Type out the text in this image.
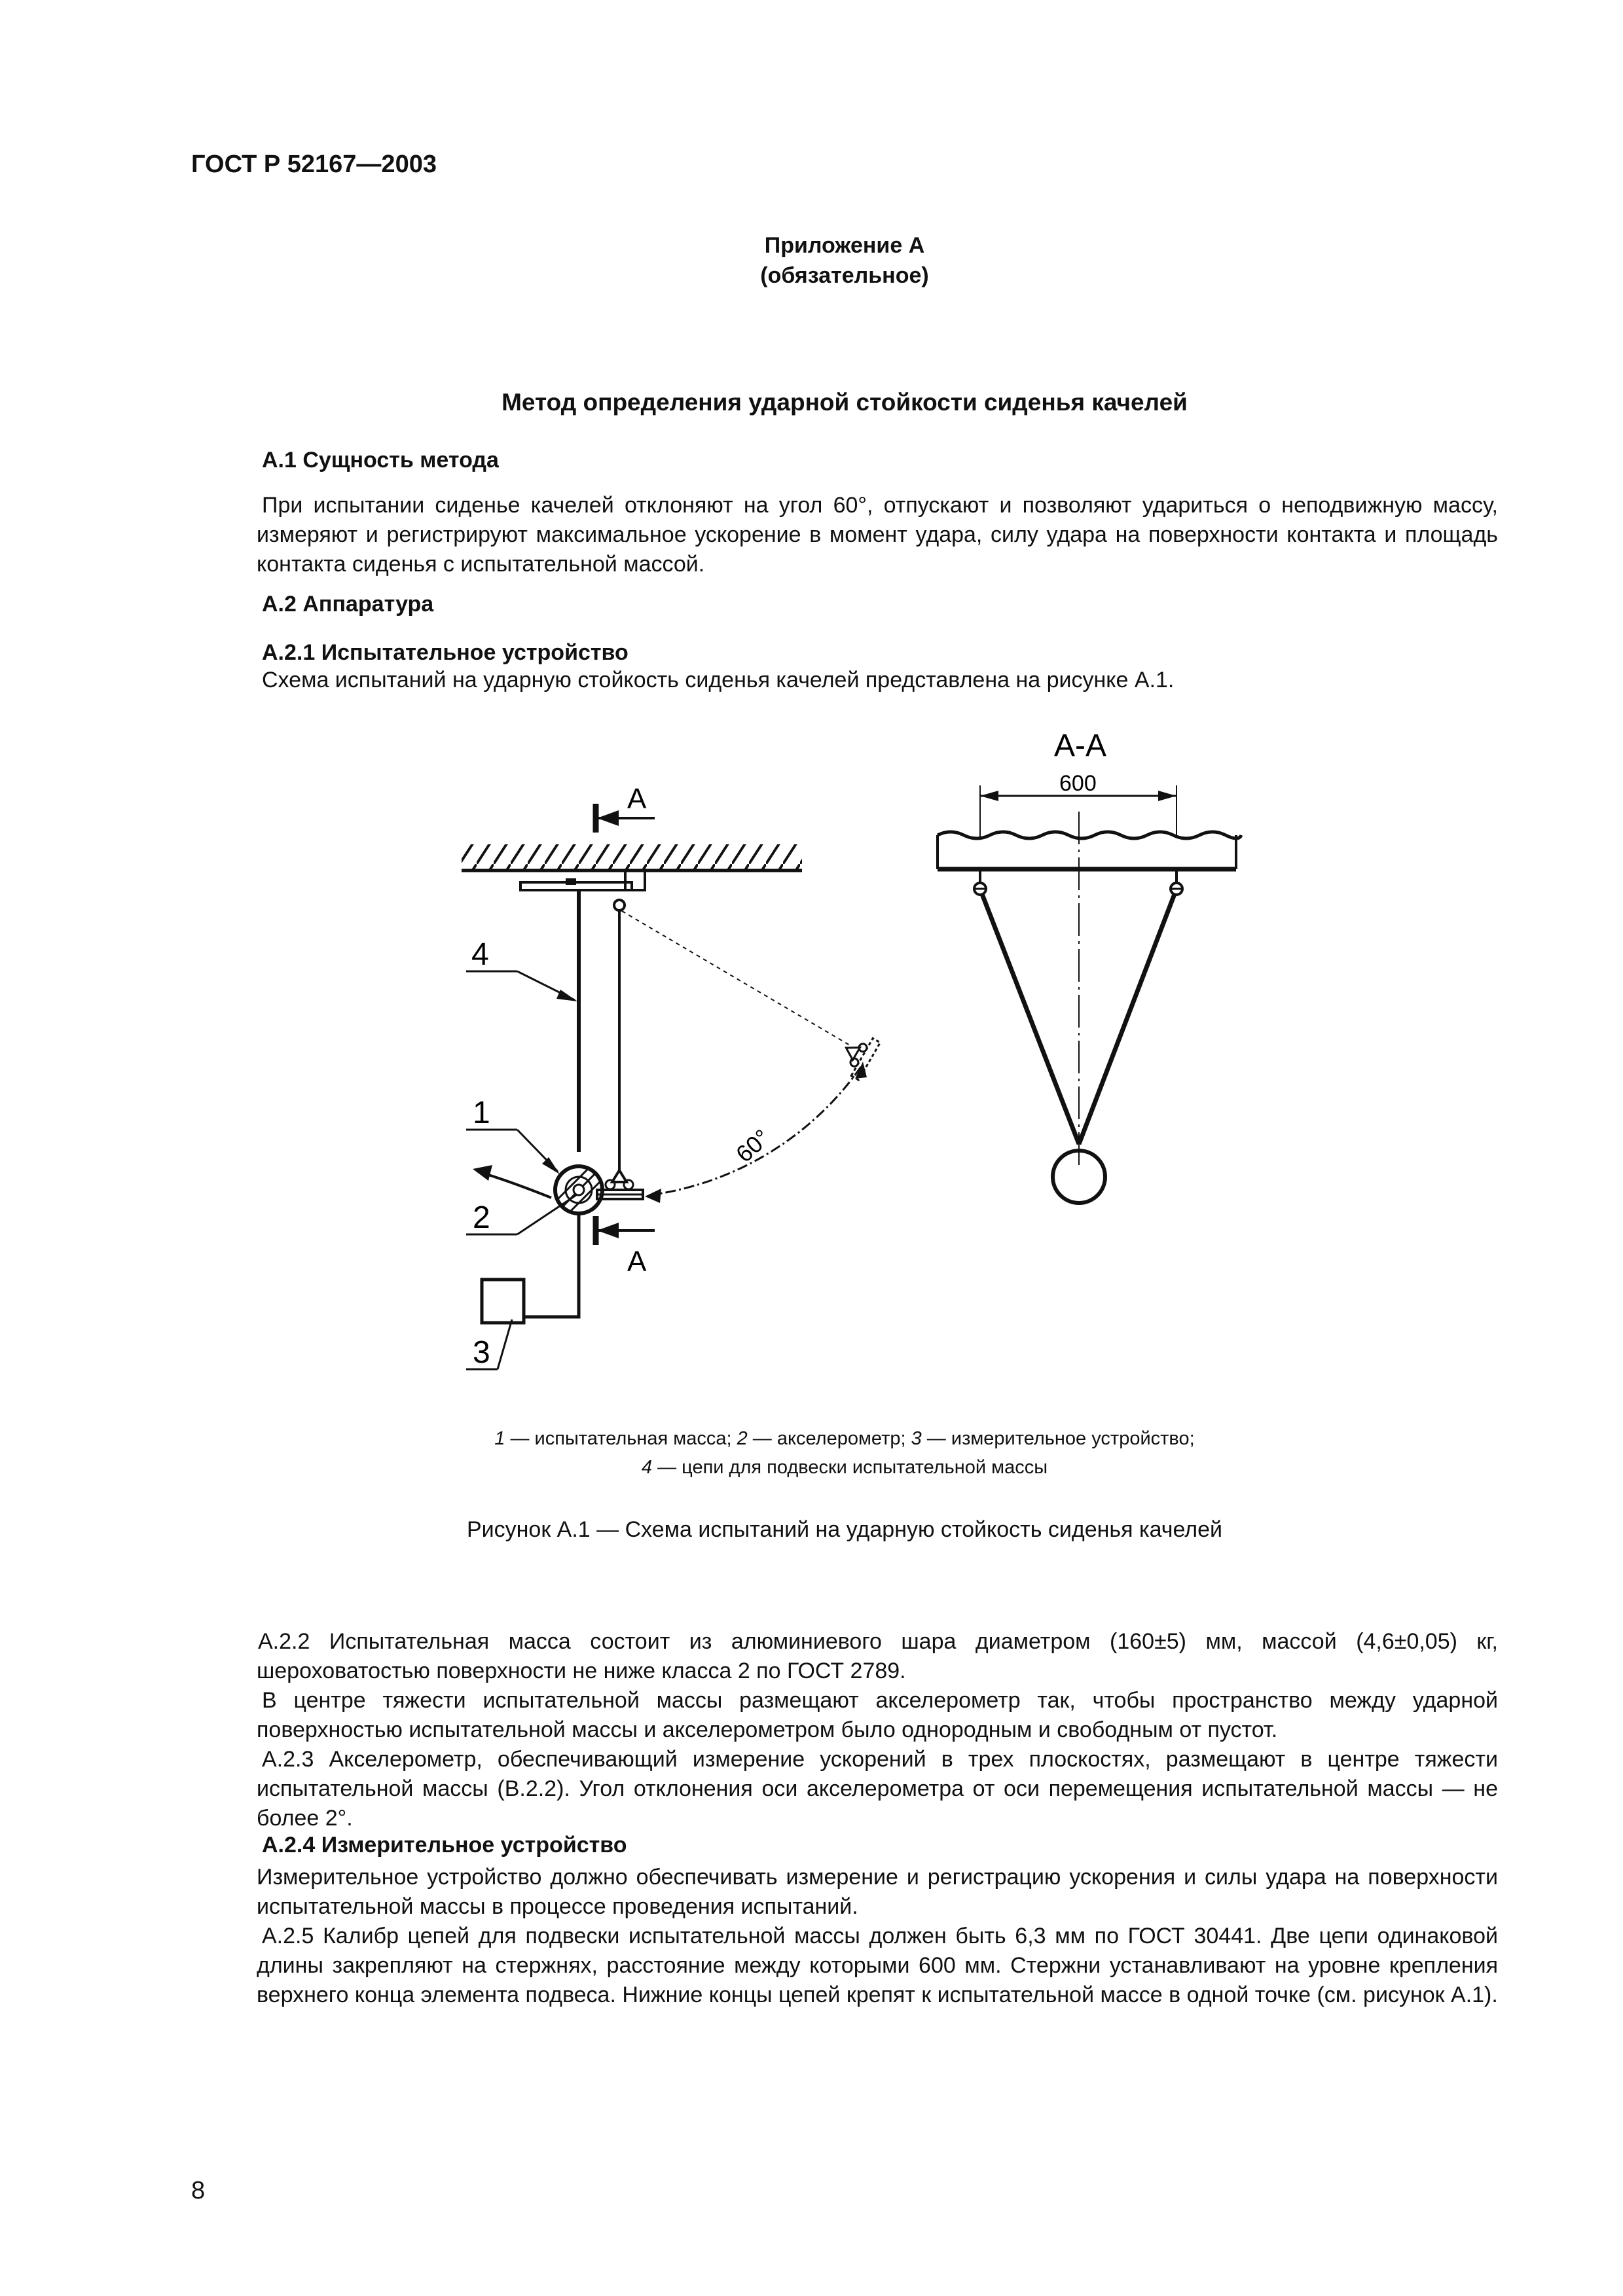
ГОСТ Р 52167—2003
Приложение А
(обязательное)
Метод определения ударной стойкости сиденья качелей
А.1 Сущность метода
При испытании сиденье качелей отклоняют на угол 60°, отпускают и позволяют удариться о неподвижную массу, измеряют и регистрируют максимальное ускорение в момент удара, силу удара на поверхности контакта и площадь контакта сиденья с испытательной массой.
А.2 Аппаратура
А.2.1 Испытательное устройство
Схема испытаний на ударную стойкость сиденья качелей представлена на рисунке А.1.
А
60°
А
4
1
2
3
А-А
600
1 — испытательная масса; 2 — акселерометр; 3 — измерительное устройство;
4 — цепи для подвески испытательной массы
Рисунок А.1 — Схема испытаний на ударную стойкость сиденья качелей
А.2.2 Испытательная масса состоит из алюминиевого шара диаметром (160±5) мм, массой (4,6±0,05) кг, шероховатостью поверхности не ниже класса 2 по ГОСТ 2789.
В центре тяжести испытательной массы размещают акселерометр так, чтобы пространство между ударной поверхностью испытательной массы и акселерометром было однородным и свободным от пустот.
А.2.3 Акселерометр, обеспечивающий измерение ускорений в трех плоскостях, размещают в центре тяжести испытательной массы (В.2.2). Угол отклонения оси акселерометра от оси перемещения испытательной массы — не более 2°.
А.2.4 Измерительное устройство
Измерительное устройство должно обеспечивать измерение и регистрацию ускорения и силы удара на поверхности испытательной массы в процессе проведения испытаний.
А.2.5 Калибр цепей для подвески испытательной массы должен быть 6,3 мм по ГОСТ 30441. Две цепи одинаковой длины закрепляют на стержнях, расстояние между которыми 600 мм. Стержни устанавливают на уровне крепления верхнего конца элемента подвеса. Нижние концы цепей крепят к испытательной массе в одной точке (см. рисунок А.1).
8
